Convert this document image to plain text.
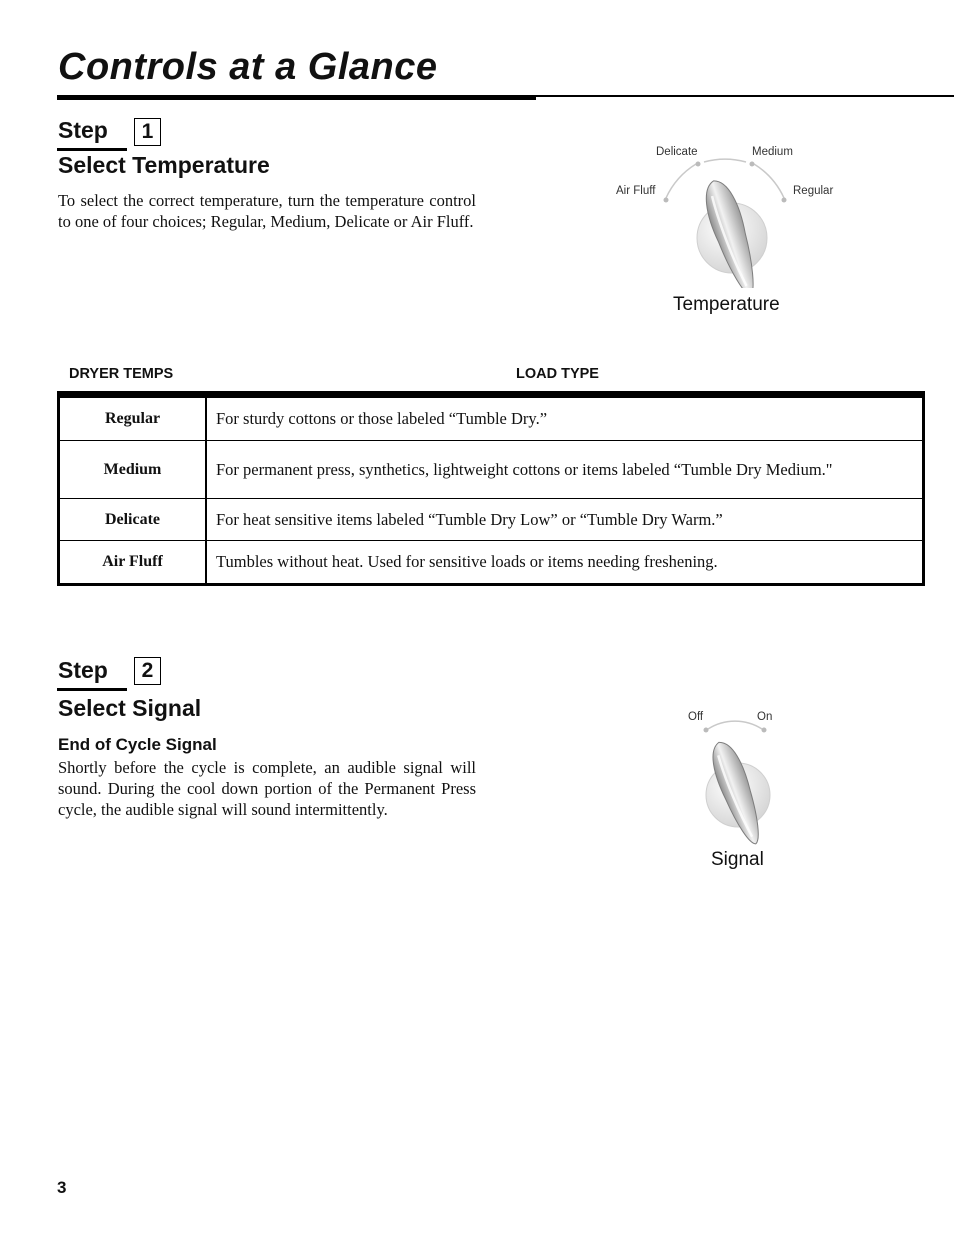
Controls at a Glance
Step	1
Select Temperature

To select the correct temperature, turn the temperature control to one of four choices; Regular, Medium, Delicate or Air Fluff.

Air Fluff
Delicate	Medium
Regular
Temperature
DRYER TEMPS	LOAD TYPE
Regular	For sturdy cottons or those labeled “Tumble Dry.”
Medium	For permanent press, synthetics, lightweight cottons or items labeled “Tumble Dry Medium."
Delicate	For heat sensitive items labeled “Tumble Dry Low” or “Tumble Dry Warm.”
Air Fluff	Tumbles without heat. Used for sensitive loads or items needing freshening.
Step	2
Select Signal
End of Cycle Signal

Shortly before the cycle is complete, an audible signal will sound. During the cool down portion of the Permanent Press cycle, the audible signal will sound intermittently.

Off	On
Signal
3
